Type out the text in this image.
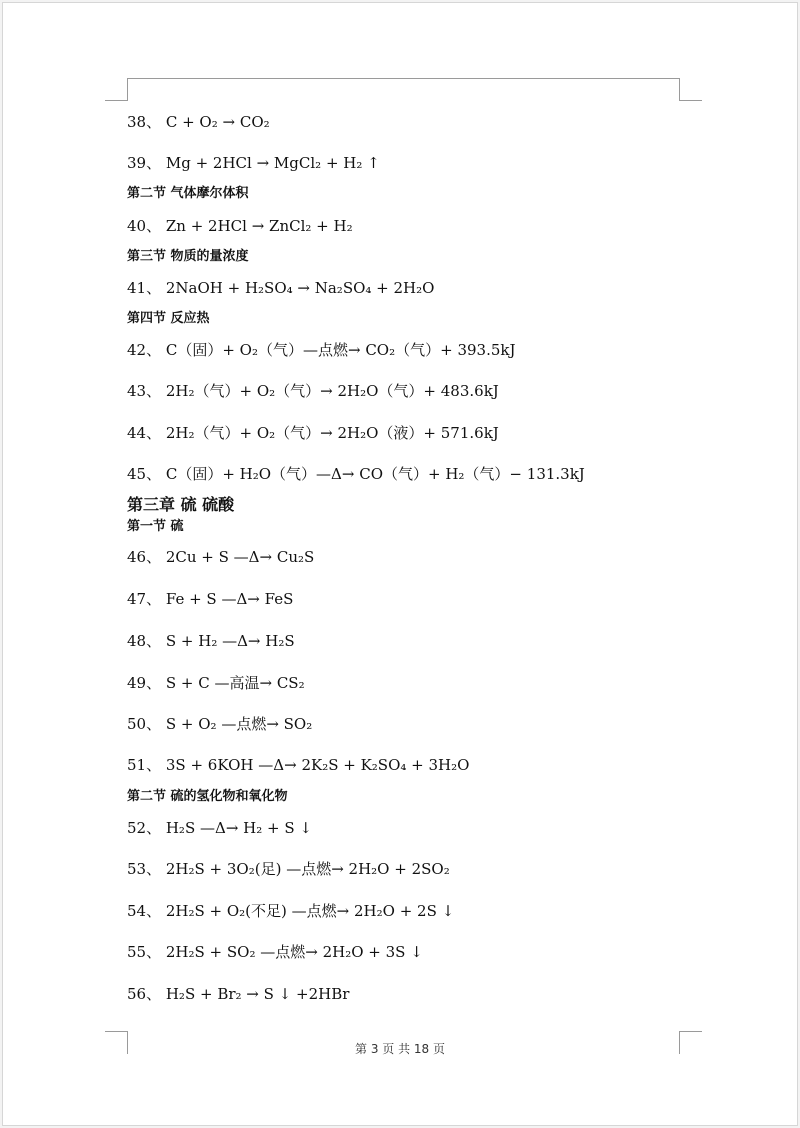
38、 C + O₂ → CO₂
39、 Mg + 2HCl → MgCl₂ + H₂ ↑
第二节 气体摩尔体积
40、 Zn + 2HCl → ZnCl₂ + H₂
第三节 物质的量浓度
41、 2NaOH + H₂SO₄ → Na₂SO₄ + 2H₂O
第四节 反应热
42、 C（固）+ O₂（气）—点燃→ CO₂（气）+ 393.5kJ
43、 2H₂（气）+ O₂（气）→ 2H₂O（气）+ 483.6kJ
44、 2H₂（气）+ O₂（气）→ 2H₂O（液）+ 571.6kJ
45、 C（固）+ H₂O（气）—Δ→ CO（气）+ H₂（气）− 131.3kJ
第三章 硫 硫酸
第一节 硫
46、 2Cu + S —Δ→ Cu₂S
47、 Fe + S —Δ→ FeS
48、 S + H₂ —Δ→ H₂S
49、 S + C —高温→ CS₂
50、 S + O₂ —点燃→ SO₂
51、 3S + 6KOH —Δ→ 2K₂S + K₂SO₄ + 3H₂O
第二节 硫的氢化物和氧化物
52、 H₂S —Δ→ H₂ + S ↓
53、 2H₂S + 3O₂(足) —点燃→ 2H₂O + 2SO₂
54、 2H₂S + O₂(不足) —点燃→ 2H₂O + 2S ↓
55、 2H₂S + SO₂ —点燃→ 2H₂O + 3S ↓
56、 H₂S + Br₂ → S ↓ +2HBr
第 3 页 共 18 页
